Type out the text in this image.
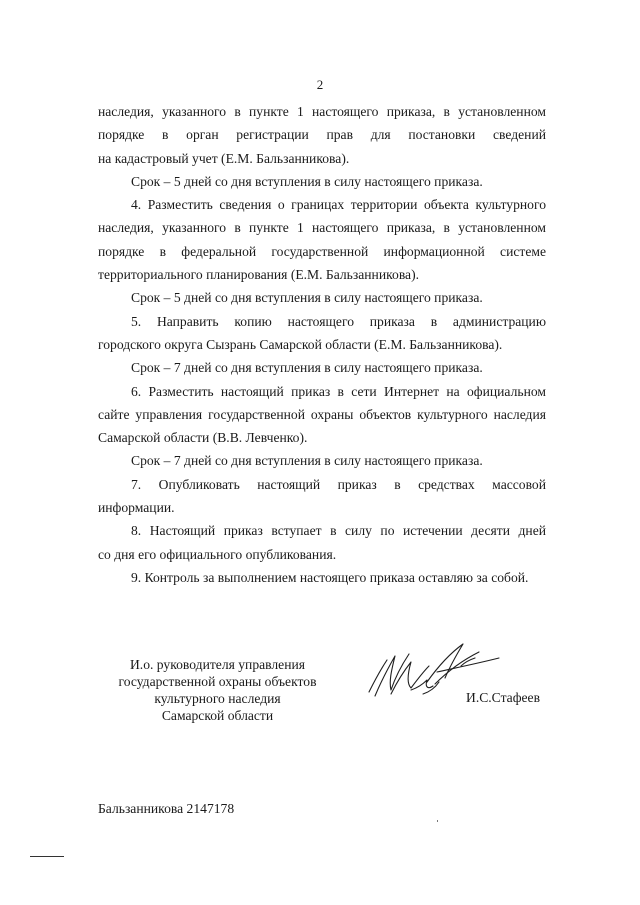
2

наследия, указанного в пункте 1 настоящего приказа, в установленном

порядке в орган регистрации прав для постановки сведений

на кадастровый учет (Е.М. Бальзанникова).

Срок – 5 дней со дня вступления в силу настоящего приказа.

4. Разместить сведения о границах территории объекта культурного

наследия, указанного в пункте 1 настоящего приказа, в установленном

порядке в федеральной государственной информационной системе

территориального планирования (Е.М. Бальзанникова).

Срок – 5 дней со дня вступления в силу настоящего приказа.

5. Направить копию настоящего приказа в администрацию

городского округа Сызрань Самарской области (Е.М. Бальзанникова).

Срок – 7 дней со дня вступления в силу настоящего приказа.

6. Разместить настоящий приказ в сети Интернет на официальном

сайте управления государственной охраны объектов культурного наследия

Самарской области (В.В. Левченко).

Срок – 7 дней со дня вступления в силу настоящего приказа.

7. Опубликовать настоящий приказ в средствах массовой

информации.

8. Настоящий приказ вступает в силу по истечении десяти дней

со дня его официального опубликования.

9. Контроль за выполнением настоящего приказа оставляю за собой.

И.о. руководителя управления
государственной охраны объектов
культурного наследия
Самарской области
И.С.Стафеев
Бальзанникова 2147178
